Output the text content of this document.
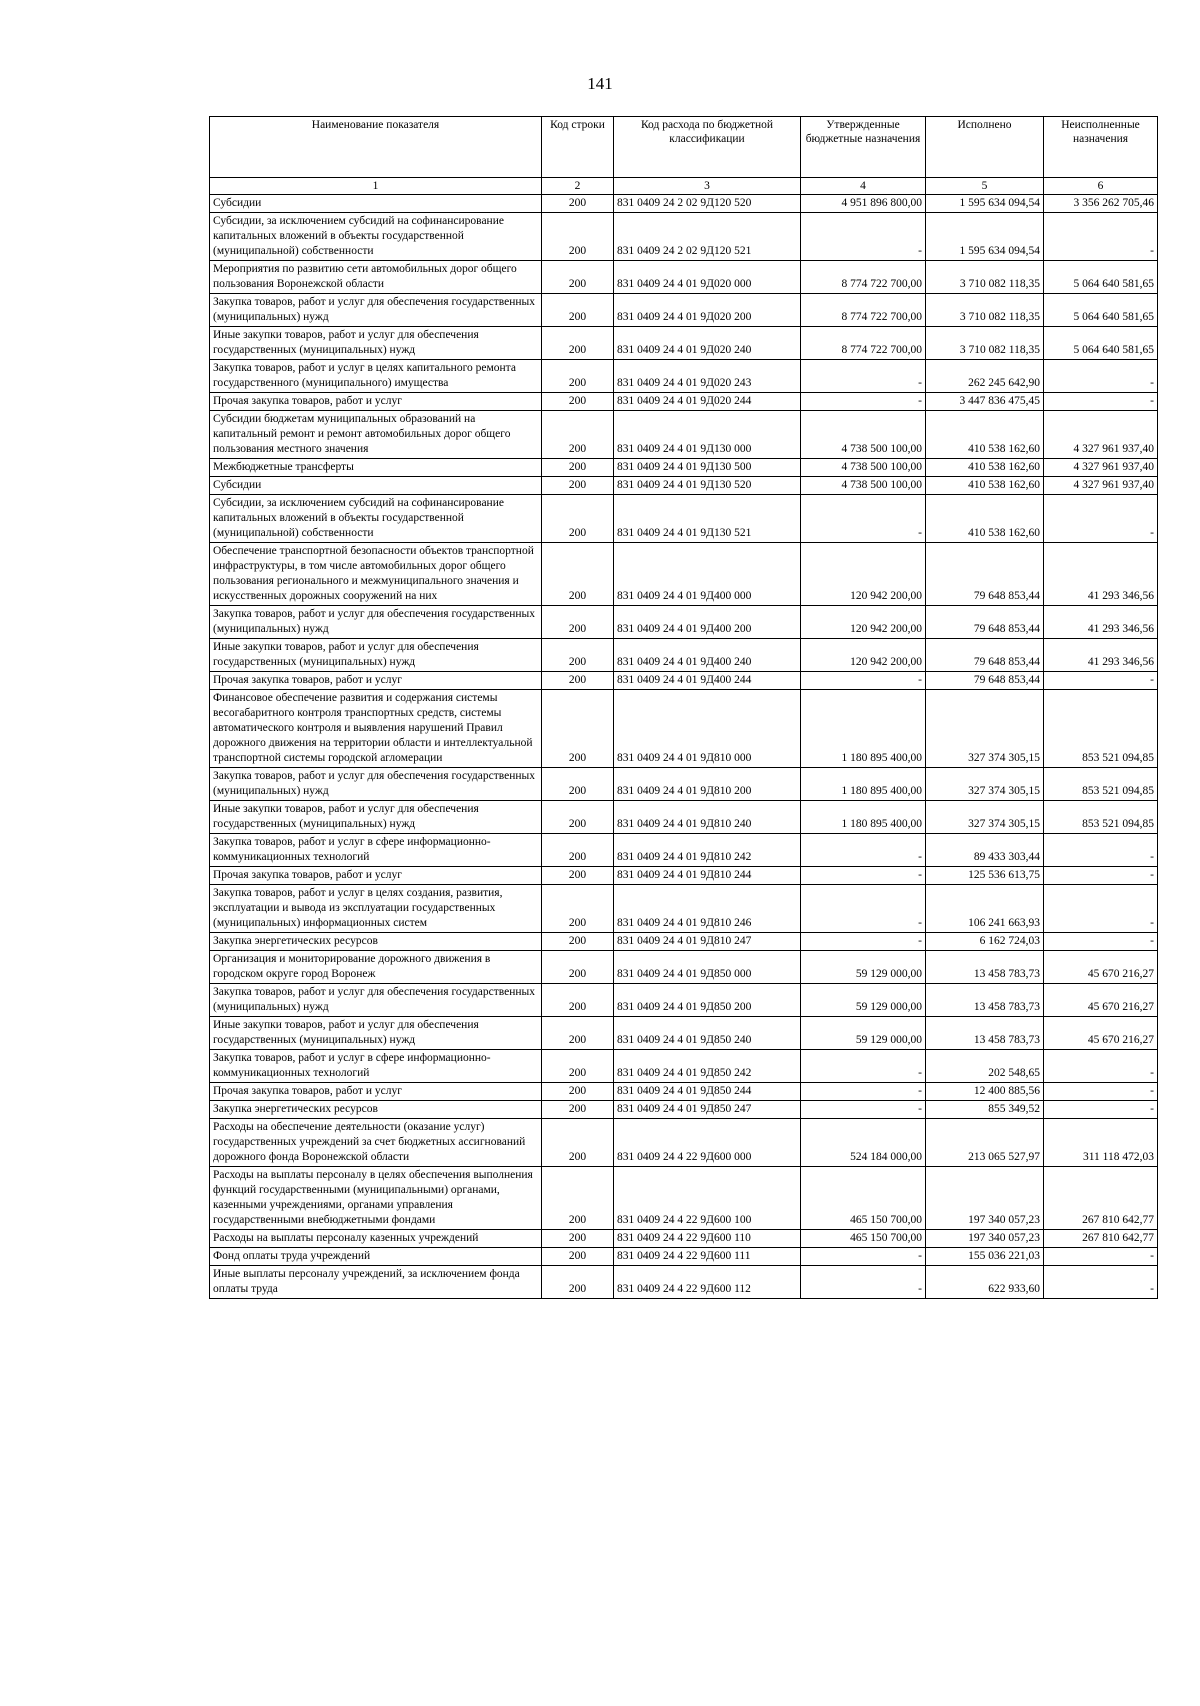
141
Наименование показателя	Код строки	Код расхода по бюджетной классификации	Утвержденные бюджетные назначения	Исполнено	Неисполненные назначения
1	2	3	4	5	6
Субсидии	200	831 0409 24 2 02 9Д120 520	4 951 896 800,00	1 595 634 094,54	3 356 262 705,46
Субсидии, за исключением субсидий на софинансирование капитальных вложений в объекты государственной (муниципальной) собственности	200	831 0409 24 2 02 9Д120 521	-	1 595 634 094,54	-
Мероприятия по развитию сети автомобильных дорог общего пользования Воронежской области	200	831 0409 24 4 01 9Д020 000	8 774 722 700,00	3 710 082 118,35	5 064 640 581,65
Закупка товаров, работ и услуг для обеспечения государственных (муниципальных) нужд	200	831 0409 24 4 01 9Д020 200	8 774 722 700,00	3 710 082 118,35	5 064 640 581,65
Иные закупки товаров, работ и услуг для обеспечения государственных (муниципальных) нужд	200	831 0409 24 4 01 9Д020 240	8 774 722 700,00	3 710 082 118,35	5 064 640 581,65
Закупка товаров, работ и услуг в целях капитального ремонта государственного (муниципального) имущества	200	831 0409 24 4 01 9Д020 243	-	262 245 642,90	-
Прочая закупка товаров, работ и услуг	200	831 0409 24 4 01 9Д020 244	-	3 447 836 475,45	-
Субсидии бюджетам муниципальных образований на капитальный ремонт и ремонт автомобильных дорог общего пользования местного значения	200	831 0409 24 4 01 9Д130 000	4 738 500 100,00	410 538 162,60	4 327 961 937,40
Межбюджетные трансферты	200	831 0409 24 4 01 9Д130 500	4 738 500 100,00	410 538 162,60	4 327 961 937,40
Субсидии	200	831 0409 24 4 01 9Д130 520	4 738 500 100,00	410 538 162,60	4 327 961 937,40
Субсидии, за исключением субсидий на софинансирование капитальных вложений в объекты государственной (муниципальной) собственности	200	831 0409 24 4 01 9Д130 521	-	410 538 162,60	-
Обеспечение транспортной безопасности объектов транспортной инфраструктуры, в том числе автомобильных дорог общего пользования регионального и межмуниципального значения и искусственных дорожных сооружений на них	200	831 0409 24 4 01 9Д400 000	120 942 200,00	79 648 853,44	41 293 346,56
Закупка товаров, работ и услуг для обеспечения государственных (муниципальных) нужд	200	831 0409 24 4 01 9Д400 200	120 942 200,00	79 648 853,44	41 293 346,56
Иные закупки товаров, работ и услуг для обеспечения государственных (муниципальных) нужд	200	831 0409 24 4 01 9Д400 240	120 942 200,00	79 648 853,44	41 293 346,56
Прочая закупка товаров, работ и услуг	200	831 0409 24 4 01 9Д400 244	-	79 648 853,44	-
Финансовое обеспечение развития и содержания системы весогабаритного контроля транспортных средств, системы автоматического контроля и выявления нарушений Правил дорожного движения на территории области и интеллектуальной транспортной системы городской агломерации	200	831 0409 24 4 01 9Д810 000	1 180 895 400,00	327 374 305,15	853 521 094,85
Закупка товаров, работ и услуг для обеспечения государственных (муниципальных) нужд	200	831 0409 24 4 01 9Д810 200	1 180 895 400,00	327 374 305,15	853 521 094,85
Иные закупки товаров, работ и услуг для обеспечения государственных (муниципальных) нужд	200	831 0409 24 4 01 9Д810 240	1 180 895 400,00	327 374 305,15	853 521 094,85
Закупка товаров, работ и услуг в сфере информационно-коммуникационных технологий	200	831 0409 24 4 01 9Д810 242	-	89 433 303,44	-
Прочая закупка товаров, работ и услуг	200	831 0409 24 4 01 9Д810 244	-	125 536 613,75	-
Закупка товаров, работ и услуг в целях создания, развития, эксплуатации и вывода из эксплуатации государственных (муниципальных) информационных систем	200	831 0409 24 4 01 9Д810 246	-	106 241 663,93	-
Закупка энергетических ресурсов	200	831 0409 24 4 01 9Д810 247	-	6 162 724,03	-
Организация и мониторирование дорожного движения в городском округе город Воронеж	200	831 0409 24 4 01 9Д850 000	59 129 000,00	13 458 783,73	45 670 216,27
Закупка товаров, работ и услуг для обеспечения государственных (муниципальных) нужд	200	831 0409 24 4 01 9Д850 200	59 129 000,00	13 458 783,73	45 670 216,27
Иные закупки товаров, работ и услуг для обеспечения государственных (муниципальных) нужд	200	831 0409 24 4 01 9Д850 240	59 129 000,00	13 458 783,73	45 670 216,27
Закупка товаров, работ и услуг в сфере информационно-коммуникационных технологий	200	831 0409 24 4 01 9Д850 242	-	202 548,65	-
Прочая закупка товаров, работ и услуг	200	831 0409 24 4 01 9Д850 244	-	12 400 885,56	-
Закупка энергетических ресурсов	200	831 0409 24 4 01 9Д850 247	-	855 349,52	-
Расходы на обеспечение деятельности (оказание услуг) государственных учреждений за счет бюджетных ассигнований дорожного фонда Воронежской области	200	831 0409 24 4 22 9Д600 000	524 184 000,00	213 065 527,97	311 118 472,03
Расходы на выплаты персоналу в целях обеспечения выполнения функций государственными (муниципальными) органами, казенными учреждениями, органами управления государственными внебюджетными фондами	200	831 0409 24 4 22 9Д600 100	465 150 700,00	197 340 057,23	267 810 642,77
Расходы на выплаты персоналу казенных учреждений	200	831 0409 24 4 22 9Д600 110	465 150 700,00	197 340 057,23	267 810 642,77
Фонд оплаты труда учреждений	200	831 0409 24 4 22 9Д600 111	-	155 036 221,03	-
Иные выплаты персоналу учреждений, за исключением фонда оплаты труда	200	831 0409 24 4 22 9Д600 112	-	622 933,60	-
